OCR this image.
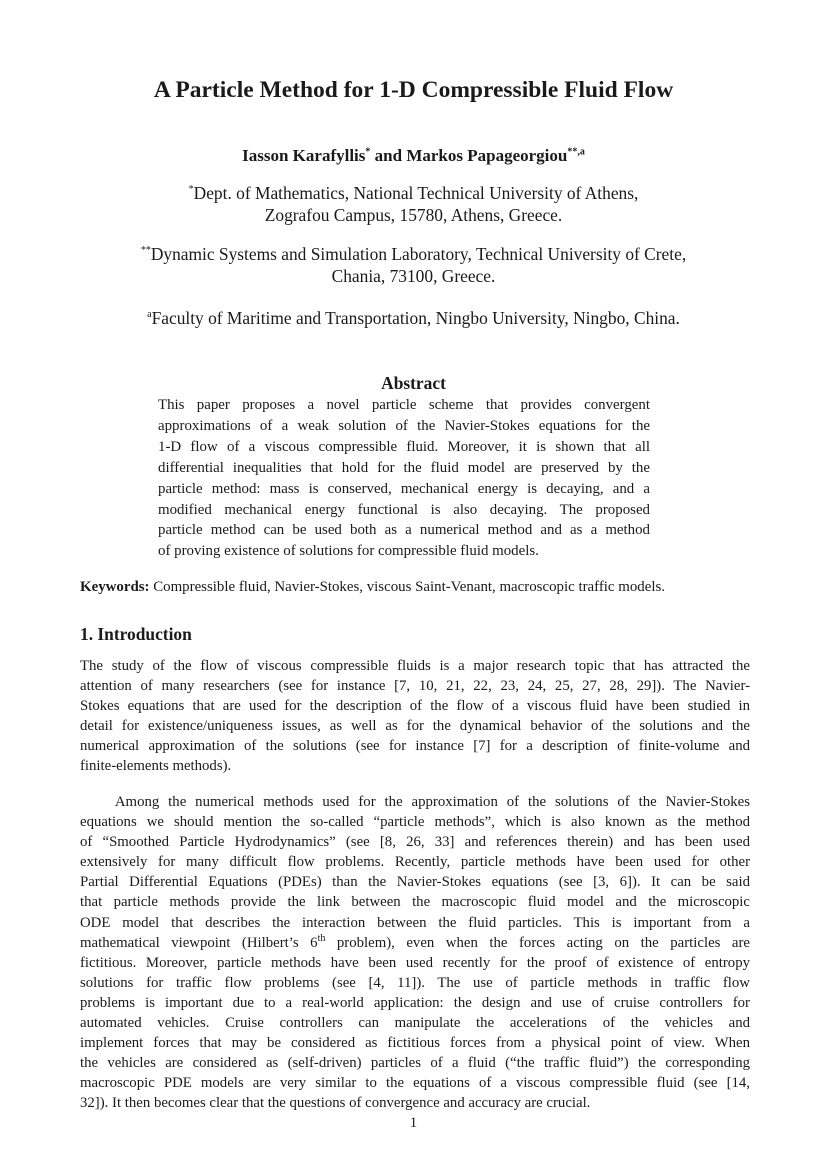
A Particle Method for 1-D Compressible Fluid Flow
Iasson Karafyllis* and Markos Papageorgiou$^{**,a}$
*Dept. of Mathematics, National Technical University of Athens,
Zografou Campus, 15780, Athens, Greece.
**Dynamic Systems and Simulation Laboratory, Technical University of Crete,
Chania, 73100, Greece.
$^a$Faculty of Maritime and Transportation, Ningbo University, Ningbo, China.
Abstract
This paper proposes a novel particle scheme that provides convergent
approximations of a weak solution of the Navier-Stokes equations for the
1-D flow of a viscous compressible fluid. Moreover, it is shown that all
differential inequalities that hold for the fluid model are preserved by the
particle method: mass is conserved, mechanical energy is decaying, and a
modified mechanical energy functional is also decaying. The proposed
particle method can be used both as a numerical method and as a method
of proving existence of solutions for compressible fluid models.
Keywords: Compressible fluid, Navier-Stokes, viscous Saint-Venant, macroscopic traffic models.
1. Introduction
The study of the flow of viscous compressible fluids is a major research topic that has attracted the
attention of many researchers (see for instance [7, 10, 21, 22, 23, 24, 25, 27, 28, 29]). The Navier-
Stokes equations that are used for the description of the flow of a viscous fluid have been studied in
detail for existence/uniqueness issues, as well as for the dynamical behavior of the solutions and the
numerical approximation of the solutions (see for instance [7] for a description of finite-volume and
finite-elements methods).
Among the numerical methods used for the approximation of the solutions of the Navier-Stokes
equations we should mention the so-called “particle methods”, which is also known as the method
of “Smoothed Particle Hydrodynamics” (see [8, 26, 33] and references therein) and has been used
extensively for many difficult flow problems. Recently, particle methods have been used for other
Partial Differential Equations (PDEs) than the Navier-Stokes equations (see [3, 6]). It can be said
that particle methods provide the link between the macroscopic fluid model and the microscopic
ODE model that describes the interaction between the fluid particles. This is important from a
mathematical viewpoint (Hilbert’s 6th problem), even when the forces acting on the particles are
fictitious. Moreover, particle methods have been used recently for the proof of existence of entropy
solutions for traffic flow problems (see [4, 11]). The use of particle methods in traffic flow
problems is important due to a real-world application: the design and use of cruise controllers for
automated vehicles. Cruise controllers can manipulate the accelerations of the vehicles and
implement forces that may be considered as fictitious forces from a physical point of view. When
the vehicles are considered as (self-driven) particles of a fluid (“the traffic fluid”) the corresponding
macroscopic PDE models are very similar to the equations of a viscous compressible fluid (see [14,
32]). It then becomes clear that the questions of convergence and accuracy are crucial.
1
